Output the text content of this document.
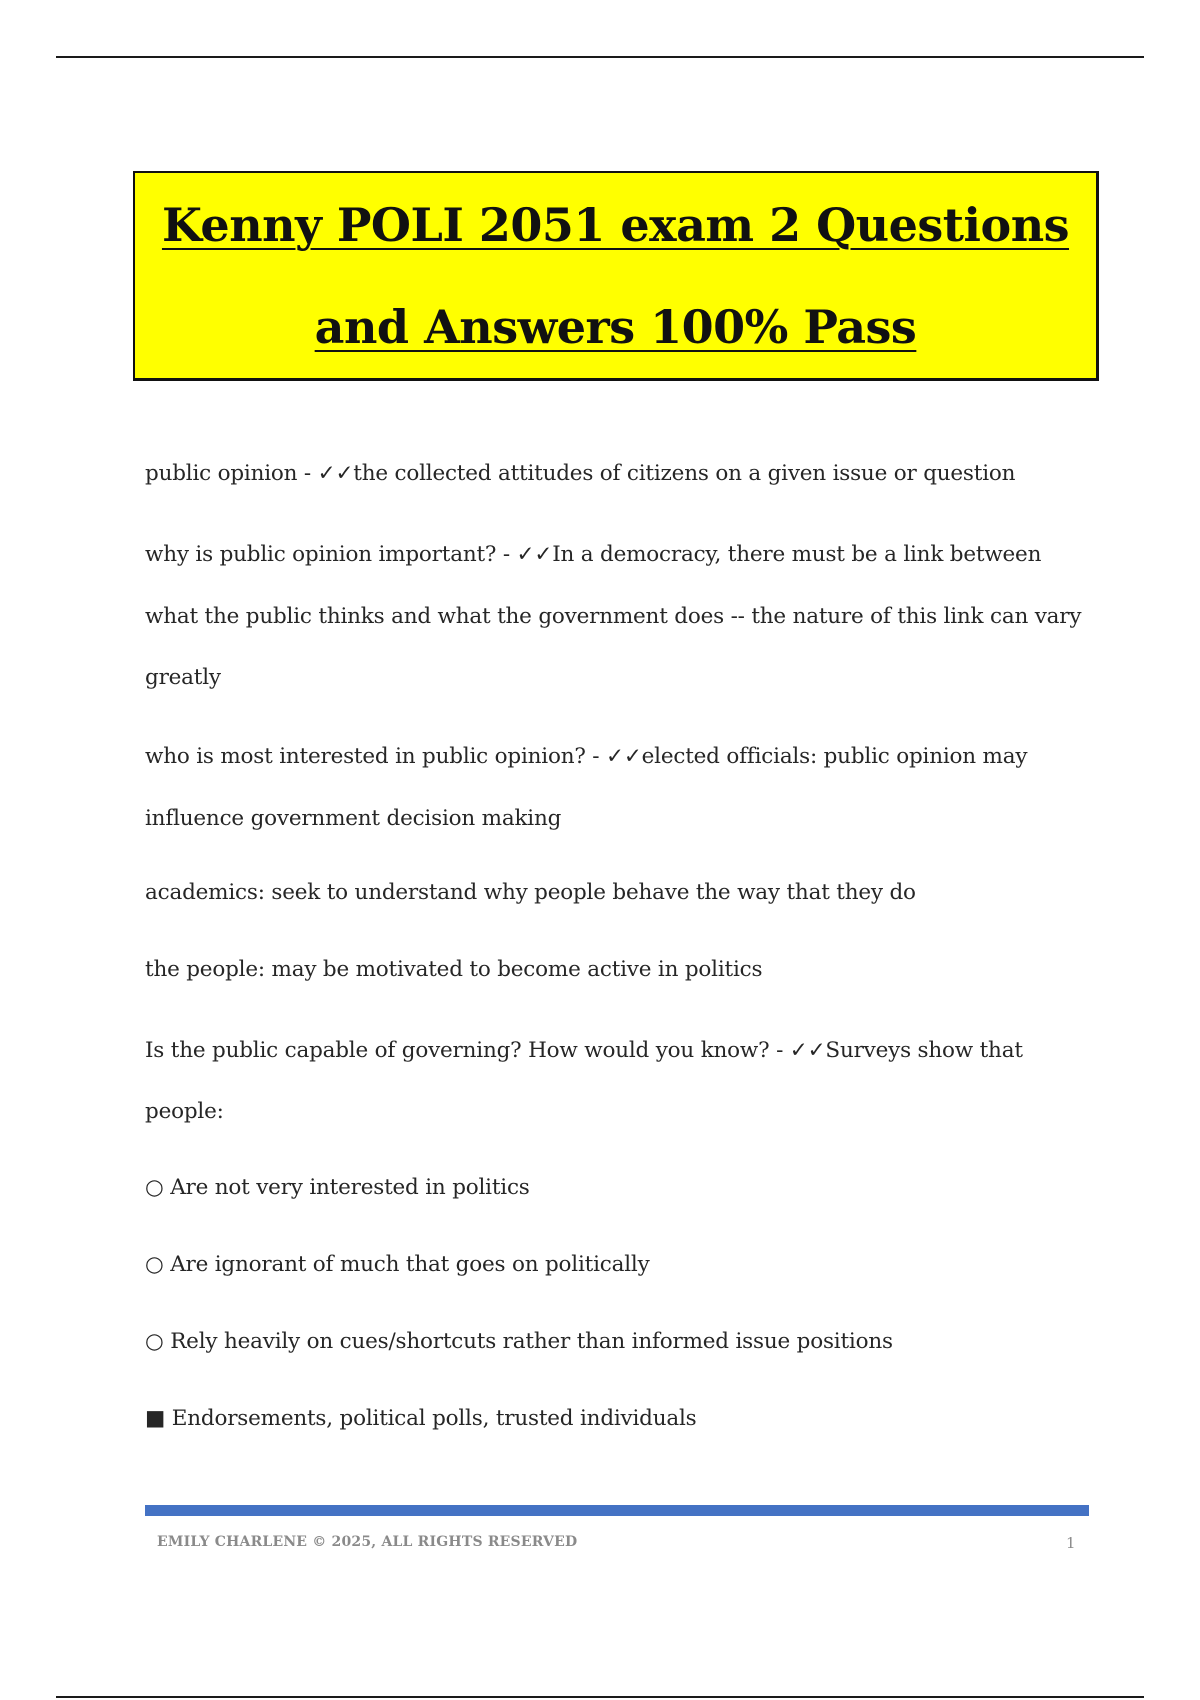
Kenny POLI 2051 exam 2 Questions
and Answers 100% Pass
public opinion - ✓✓the collected attitudes of citizens on a given issue or question
why is public opinion important? - ✓✓In a democracy, there must be a link between
what the public thinks and what the government does -- the nature of this link can vary
greatly
who is most interested in public opinion? - ✓✓elected officials: public opinion may
influence government decision making
academics: seek to understand why people behave the way that they do
the people: may be motivated to become active in politics
Is the public capable of governing? How would you know? - ✓✓Surveys show that
people:
○ Are not very interested in politics
○ Are ignorant of much that goes on politically
○ Rely heavily on cues/shortcuts rather than informed issue positions
■ Endorsements, political polls, trusted individuals
EMILY CHARLENE © 2025, ALL RIGHTS RESERVED	1
